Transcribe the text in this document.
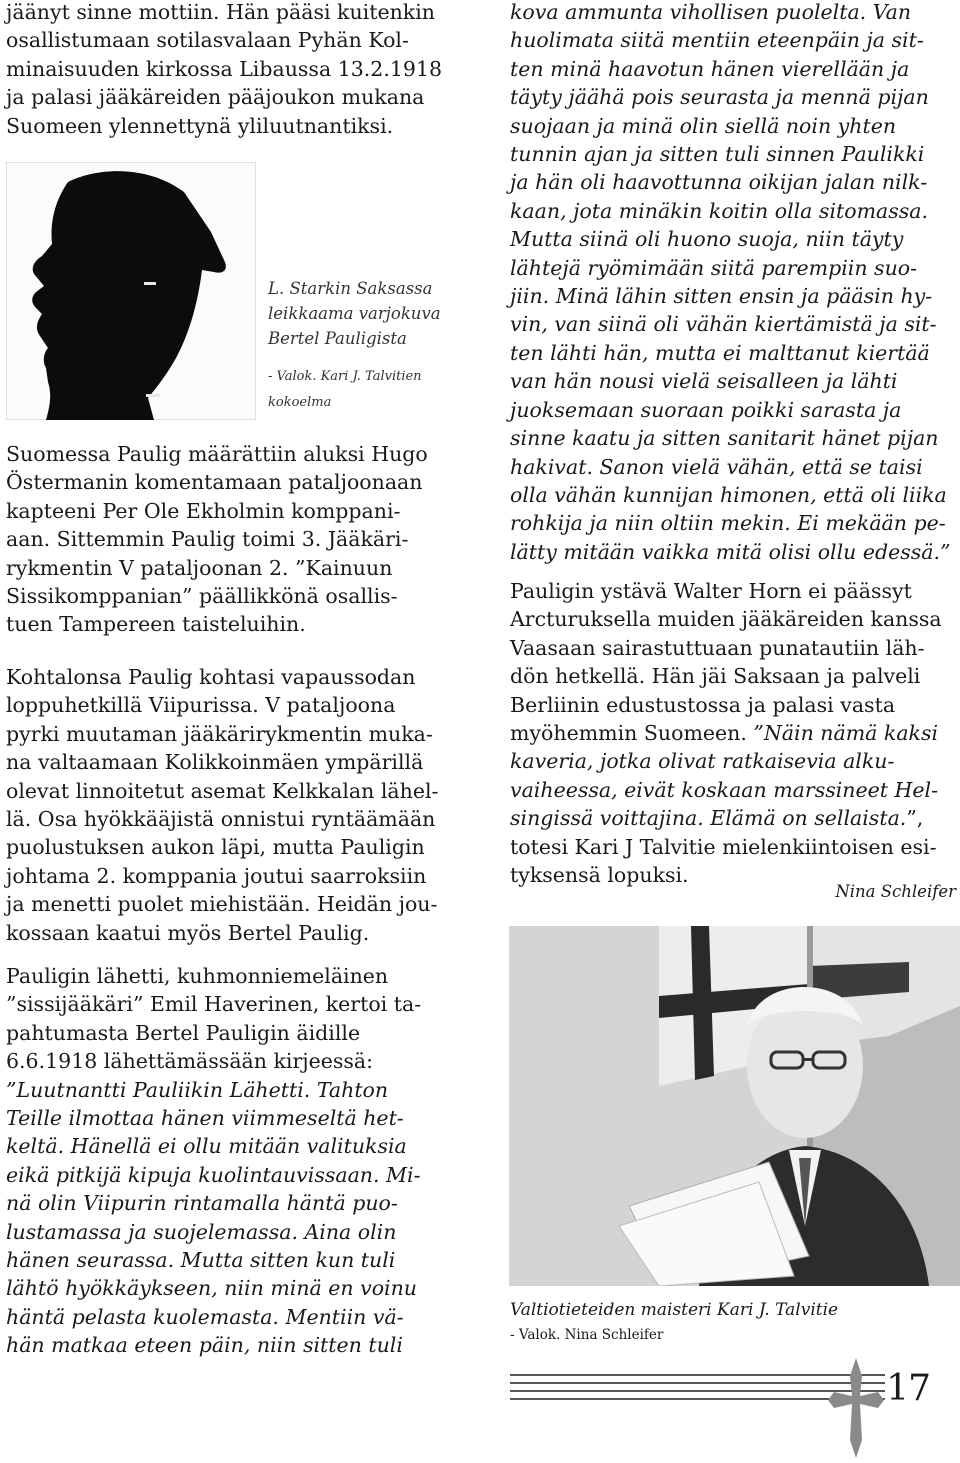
jäänyt sinne mottiin. Hän pääsi kuitenkin

osallistumaan sotilasvalaan Pyhän Kol-

minaisuuden kirkossa Libaussa 13.2.1918

ja palasi jääkäreiden pääjoukon mukana

Suomeen ylennettynä yliluutnantiksi.

L. Starkin Saksassa
leikkaama varjokuva
Bertel Pauligista
- Valok. Kari J. Talvitien
kokoelma

Suomessa Paulig määrättiin aluksi Hugo

Östermanin komentamaan pataljoonaan

kapteeni Per Ole Ekholmin komppani-

aan. Sittemmin Paulig toimi 3. Jääkäri-

rykmentin V pataljoonan 2. ”Kainuun

Sissikomppanian” päällikkönä osallis-

tuen Tampereen taisteluihin.

Kohtalonsa Paulig kohtasi vapaussodan

loppuhetkillä Viipurissa. V pataljoona

pyrki muutaman jääkärirykmentin muka-

na valtaamaan Kolikkoinmäen ympärillä

olevat linnoitetut asemat Kelkkalan lähel-

lä. Osa hyökkääjistä onnistui ryntäämään

puolustuksen aukon läpi, mutta Pauligin

johtama 2. komppania joutui saarroksiin

ja menetti puolet miehistään. Heidän jou-

kossaan kaatui myös Bertel Paulig.

Pauligin lähetti, kuhmonniemeläinen

”sissijääkäri” Emil Haverinen, kertoi ta-

pahtumasta Bertel Pauligin äidille

6.6.1918 lähettämässään kirjeessä:

”Luutnantti Pauliikin Lähetti. Tahton

Teille ilmottaa hänen viimmeseltä het-

keltä. Hänellä ei ollu mitään valituksia

eikä pitkijä kipuja kuolintauvissaan. Mi-

nä olin Viipurin rintamalla häntä puo-

lustamassa ja suojelemassa. Aina olin

hänen seurassa. Mutta sitten kun tuli

lähtö hyökkäykseen, niin minä en voinu

häntä pelasta kuolemasta. Mentiin vä-

hän matkaa eteen päin, niin sitten tuli

kova ammunta vihollisen puolelta. Van

huolimata siitä mentiin eteenpäin ja sit-

ten minä haavotun hänen vierellään ja

täyty jäähä pois seurasta ja mennä pijan

suojaan ja minä olin siellä noin yhten

tunnin ajan ja sitten tuli sinnen Paulikki

ja hän oli haavottunna oikijan jalan nilk-

kaan, jota minäkin koitin olla sitomassa.

Mutta siinä oli huono suoja, niin täyty

lähtejä ryömimään siitä parempiin suo-

jiin. Minä lähin sitten ensin ja pääsin hy-

vin, van siinä oli vähän kiertämistä ja sit-

ten lähti hän, mutta ei malttanut kiertää

van hän nousi vielä seisalleen ja lähti

juoksemaan suoraan poikki sarasta ja

sinne kaatu ja sitten sanitarit hänet pijan

hakivat. Sanon vielä vähän, että se taisi

olla vähän kunnijan himonen, että oli liika

rohkija ja niin oltiin mekin. Ei mekään pe-

lätty mitään vaikka mitä olisi ollu edessä.”

Pauligin ystävä Walter Horn ei päässyt

Arcturuksella muiden jääkäreiden kanssa

Vaasaan sairastuttuaan punatautiin läh-

dön hetkellä. Hän jäi Saksaan ja palveli

Berliinin edustustossa ja palasi vasta

myöhemmin Suomeen. ”Näin nämä kaksi

kaveria, jotka olivat ratkaisevia alku-

vaiheessa, eivät koskaan marssineet Hel-

singissä voittajina. Elämä on sellaista.”,

totesi Kari J Talvitie mielenkiintoisen esi-

tyksensä lopuksi.

Nina Schleifer
Valtiotieteiden maisteri Kari J. Talvitie
- Valok. Nina Schleifer
17
